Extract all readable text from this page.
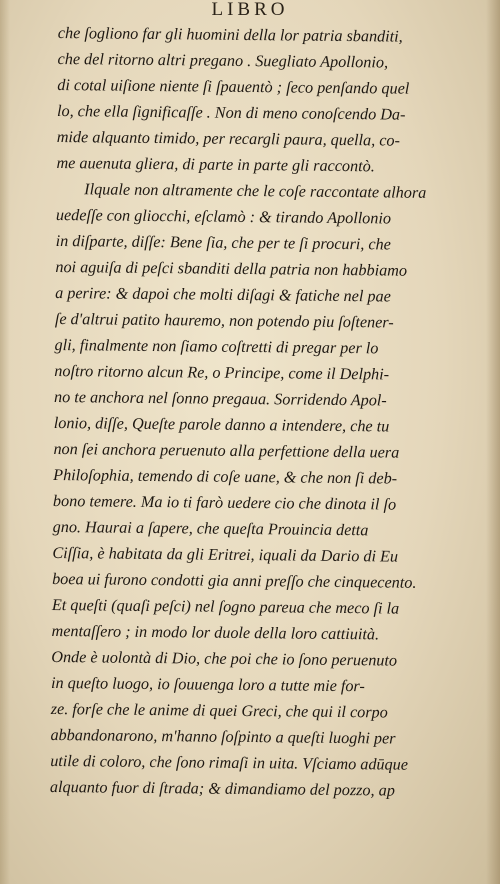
LIBRO
che ſogliono far gli huomini della lor patria sbanditi,
che del ritorno altri pregano . Suegliato Apollonio,
di cotal uiſione niente ſi ſpauentò ; ſeco penſando quel
lo, che ella ſignificaſſe . Non di meno conoſcendo Da-
mide alquanto timido, per recargli paura, quella, co-
me auenuta gliera, di parte in parte gli raccontò.
Ilquale non altramente che le coſe raccontate alhora
uedeſſe con gliocchi, eſclamò : & tirando Apollonio
in diſparte, diſſe: Bene ſia, che per te ſi procuri, che
noi aguiſa di peſci sbanditi della patria non habbiamo
a perire: & dapoi che molti diſagi & fatiche nel pae
ſe d'altrui patito hauremo, non potendo piu ſoſtener-
gli, finalmente non ſiamo coſtretti di pregar per lo
noſtro ritorno alcun Re, o Principe, come il Delphi-
no te anchora nel ſonno pregaua. Sorridendo Apol-
lonio, diſſe, Queſte parole danno a intendere, che tu
non ſei anchora peruenuto alla perfettione della uera
Philoſophia, temendo di coſe uane, & che non ſi deb-
bono temere. Ma io ti farò uedere cio che dinota il ſo
gno. Haurai a ſapere, che queſta Prouincia detta
Ciſſia, è habitata da gli Eritrei, iquali da Dario di Eu
boea ui furono condotti gia anni preſſo che cinquecento.
Et queſti (quaſi peſci) nel ſogno pareua che meco ſi la
mentaſſero ; in modo lor duole della loro cattiuità.
Onde è uolontà di Dio, che poi che io ſono peruenuto
in queſto luogo, io ſouuenga loro a tutte mie for-
ze. forſe che le anime di quei Greci, che qui il corpo
abbandonarono, m'hanno ſoſpinto a queſti luoghi per
utile di coloro, che ſono rimaſi in uita. Vſciamo adūque
alquanto fuor di ſtrada; & dimandiamo del pozzo, ap
